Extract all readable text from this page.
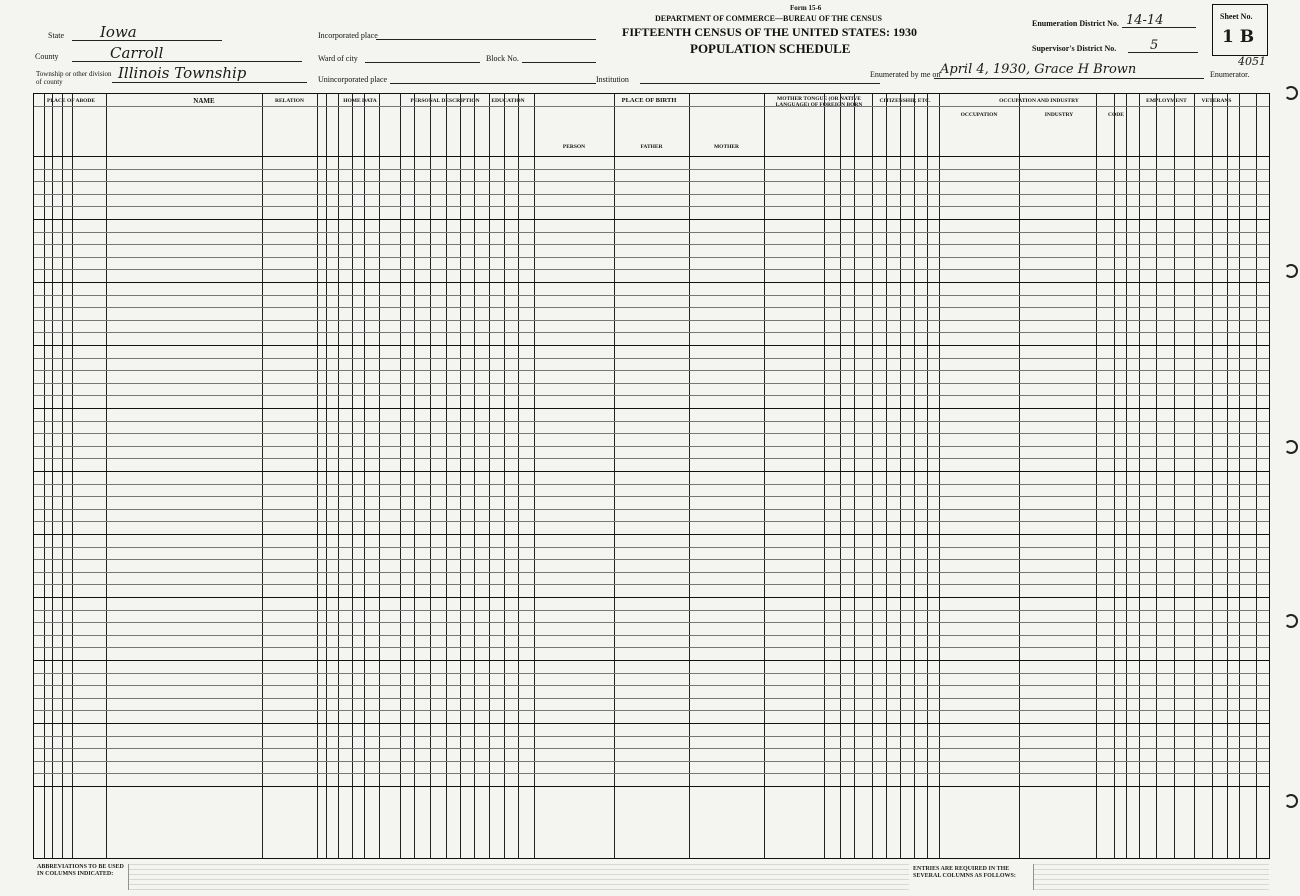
Form 15-6
DEPARTMENT OF COMMERCE—BUREAU OF THE CENSUS
FIFTEENTH CENSUS OF THE UNITED STATES: 1930
POPULATION SCHEDULE
State Iowa
County	Carroll
Township or other division of county	Illinois Township
Incorporated place
Ward of city	Block No.
Unincorporated place	Institution
Enumeration District No. 14-14
Supervisor's District No.	5
Enumerated by me on April 4, 1930, Grace H Brown	Enumerator.
Sheet No.
1 B
4051
PLACE OF ABODE	NAME	RELATION	HOME DATA	PERSONAL DESCRIPTION	EDUCATION	PLACE OF BIRTH	MOTHER TONGUE (OR NATIVE LANGUAGE) OF FOREIGN BORN
CITIZENSHIP, ETC.	OCCUPATION AND INDUSTRY	EMPLOYMENT	VETERANS
PERSON	FATHER	MOTHER
OCCUPATION	INDUSTRY	CODE
ABBREVIATIONS TO BE USED IN COLUMNS INDICATED:
ENTRIES ARE REQUIRED IN THE SEVERAL COLUMNS AS FOLLOWS:
